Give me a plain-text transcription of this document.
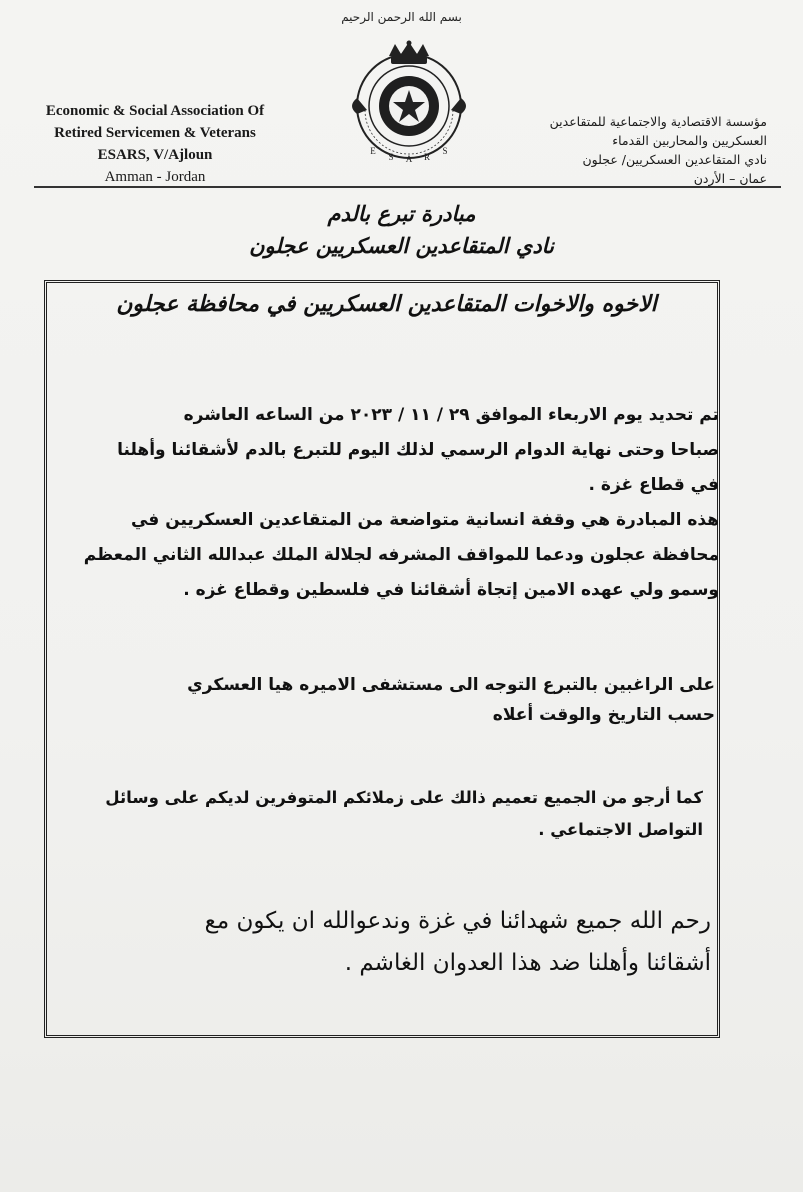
بسم الله الرحمن الرحيم
Economic & Social Association Of
Retired Servicemen & Veterans
ESARS, V/Ajloun
Amman - Jordan
E
S A R
S
مؤسسة الاقتصادية والاجتماعية للمتقاعدين
العسكريين والمحاربين القدماء
نادي المتقاعدين العسكريين/ عجلون
عمان – الأردن
مبادرة تبرع بالدم
نادي المتقاعدين العسكريين عجلون
الاخوه والاخوات المتقاعدين العسكريين في محافظة عجلون
تم تحديد يوم الاربعاء الموافق ٢٩ / ١١ / ٢٠٢٣ من الساعه العاشره
صباحا وحتى نهاية الدوام الرسمي لذلك اليوم للتبرع بالدم لأشقائنا وأهلنا
في قطاع غزة .
هذه المبادرة هي وقفة انسانية متواضعة من المتقاعدين العسكريين في
محافظة عجلون ودعما للمواقف المشرفه لجلالة الملك عبدالله الثاني المعظم
وسمو ولي عهده الامين إتجاة أشقائنا في فلسطين وقطاع غزه .
على الراغبين بالتبرع التوجه الى مستشفى الاميره هيا العسكري
حسب التاريخ والوقت أعلاه
كما أرجو من الجميع تعميم ذالك على زملائكم المتوفرين لديكم على وسائل
التواصل الاجتماعي .
رحم الله جميع شهدائنا في غزة وندعوالله ان يكون مع
أشقائنا وأهلنا ضد هذا العدوان الغاشم .
